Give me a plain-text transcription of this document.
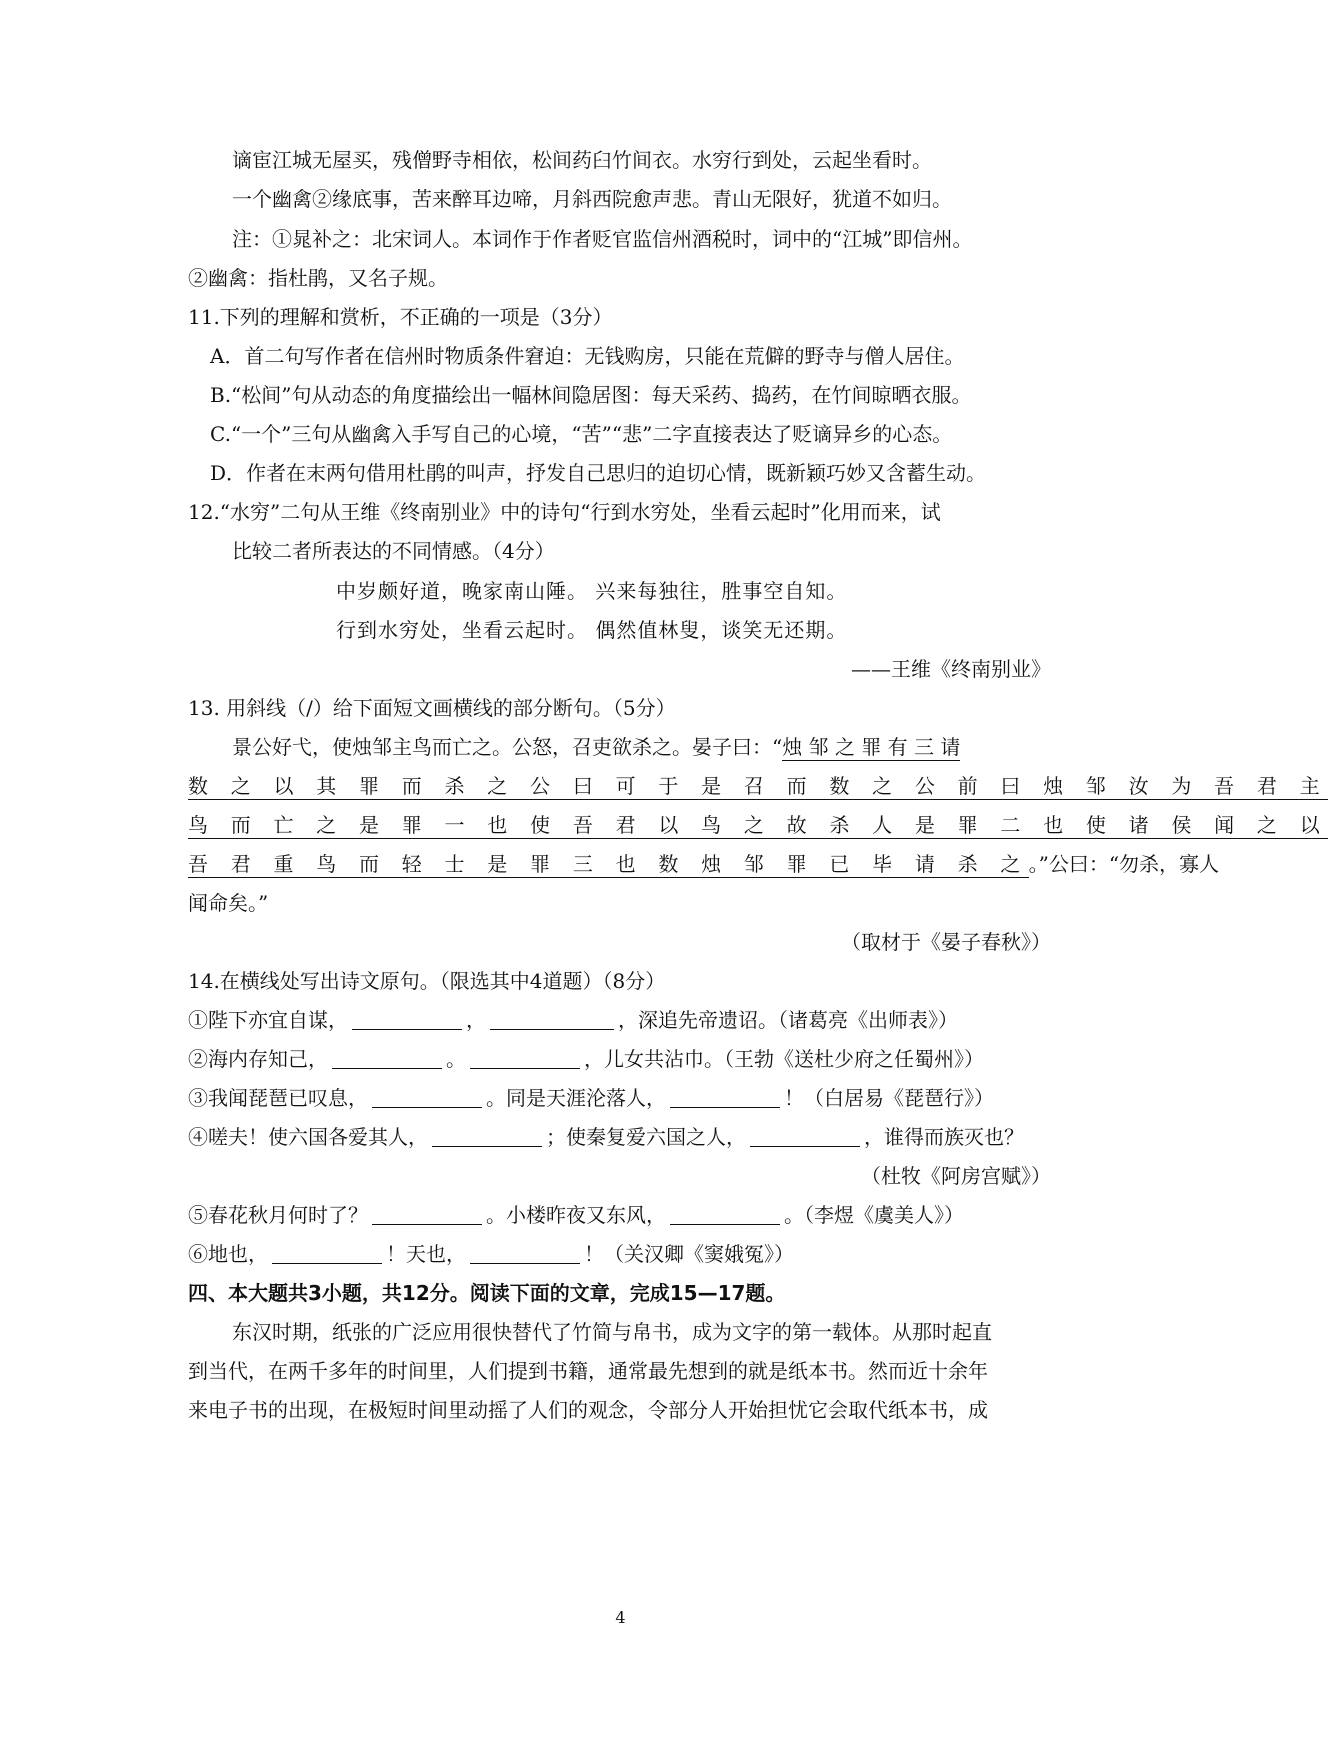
谪宦江城无屋买，残僧野寺相依，松间药臼竹间衣。水穷行到处，云起坐看时。
一个幽禽②缘底事，苦来醉耳边啼，月斜西院愈声悲。青山无限好，犹道不如归。
注：①晁补之：北宋词人。本词作于作者贬官监信州酒税时，词中的“江城”即信州。
②幽禽：指杜鹃，又名子规。
11.下列的理解和赏析，不正确的一项是（3分）
A．首二句写作者在信州时物质条件窘迫：无钱购房，只能在荒僻的野寺与僧人居住。
B.“松间”句从动态的角度描绘出一幅林间隐居图：每天采药、捣药，在竹间晾晒衣服。
C.“一个”三句从幽禽入手写自己的心境，“苦”“悲”二字直接表达了贬谪异乡的心态。
D．作者在末两句借用杜鹃的叫声，抒发自己思归的迫切心情，既新颖巧妙又含蓄生动。
12.“水穷”二句从王维《终南别业》中的诗句“行到水穷处，坐看云起时”化用而来，试
比较二者所表达的不同情感。（4分）
中岁颇好道，晚家南山陲。 兴来每独往，胜事空自知。
行到水穷处，坐看云起时。 偶然值林叟，谈笑无还期。
——王维《终南别业》
13. 用斜线（/）给下面短文画横线的部分断句。（5分）
景公好弋，使烛邹主鸟而亡之。公怒，召吏欲杀之。晏子曰：“烛 邹 之 罪 有 三 请
数 之 以 其 罪 而 杀 之 公 曰 可 于 是 召 而 数 之 公 前 曰 烛 邹 汝 为 吾 君 主
鸟 而 亡 之 是 罪 一 也 使 吾 君 以 鸟 之 故 杀 人 是 罪 二 也 使 诸 侯 闻 之 以
吾 君 重 鸟 而 轻 士 是 罪 三 也 数 烛 邹 罪 已 毕 请 杀 之。”公曰：“勿杀，寡人
闻命矣。”
（取材于《晏子春秋》）
14.在横线处写出诗文原句。（限选其中4道题）（8分）
①陛下亦宜自谋，	，	，深追先帝遗诏。（诸葛亮《出师表》）
②海内存知己，	。	，儿女共沾巾。（王勃《送杜少府之任蜀州》）
③我闻琵琶已叹息，	。同是天涯沦落人，	！（白居易《琵琶行》）
④嗟夫！使六国各爱其人，	；使秦复爱六国之人，	，谁得而族灭也？
（杜牧《阿房宫赋》）
⑤春花秋月何时了？	。小楼昨夜又东风，	。（李煜《虞美人》）
⑥地也，	！天也，	！（关汉卿《窦娥冤》）
四、本大题共3小题，共12分。阅读下面的文章，完成15—17题。
东汉时期，纸张的广泛应用很快替代了竹简与帛书，成为文字的第一载体。从那时起直
到当代，在两千多年的时间里，人们提到书籍，通常最先想到的就是纸本书。然而近十余年
来电子书的出现，在极短时间里动摇了人们的观念，令部分人开始担忧它会取代纸本书，成
4
